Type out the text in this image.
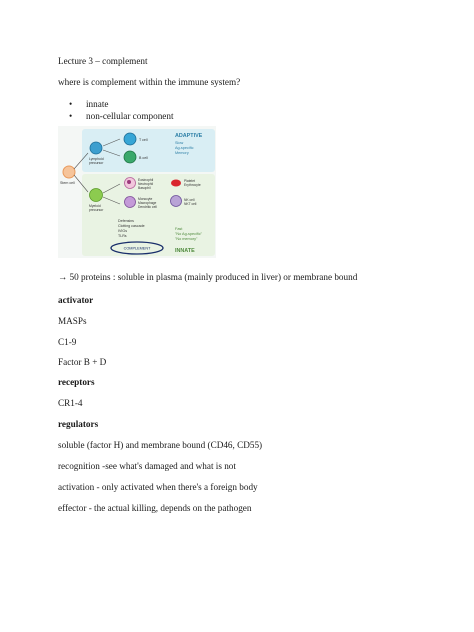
Lecture 3 – complement
where is complement within the immune system?
• innate
• non-cellular component
Stem cell
Lymphoid
precursor
T cell
B cell
ADAPTIVE
Slow
Ag-specific
Memory
Myeloid
precursor
Eosinophil
Neutrophil
Basophil
Platelet
Erythrocyte
Monocyte
Macrophage
Dendritic cell
NK cell
NKT cell
Defensins
Clotting cascade
IVIGs
TLRs
COMPLEMENT
Fast
"No Ag-specific"
"No memory"
INNATE
→ 50 proteins : soluble in plasma (mainly produced in liver) or membrane bound
activator
MASPs
C1-9
Factor B + D
receptors
CR1-4
regulators
soluble (factor H) and membrane bound (CD46, CD55)
recognition -see what's damaged and what is not
activation - only activated when there's a foreign body
effector - the actual killing, depends on the pathogen
